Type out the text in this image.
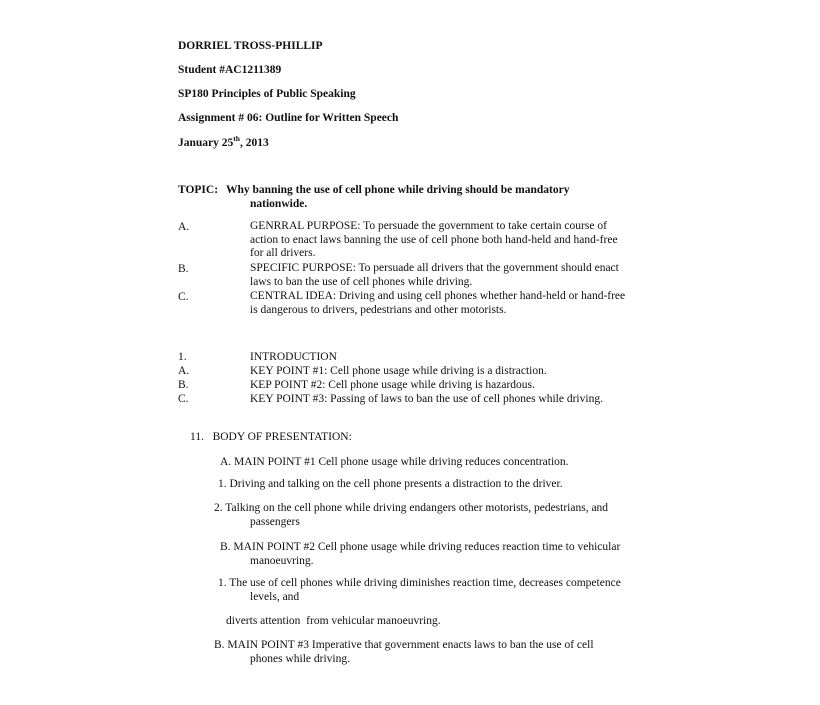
DORRIEL TROSS-PHILLIP
Student #AC1211389
SP180 Principles of Public Speaking
Assignment # 06: Outline for Written Speech
January 25th, 2013
TOPIC: Why banning the use of cell phone while driving should be mandatory
nationwide.
A.	GENRRAL PURPOSE: To persuade the government to take certain course of
action to enact laws banning the use of cell phone both hand-held and hand-free
for all drivers.
B.	SPECIFIC PURPOSE: To persuade all drivers that the government should enact
laws to ban the use of cell phones while driving.
C.	CENTRAL IDEA: Driving and using cell phones whether hand-held or hand-free
is dangerous to drivers, pedestrians and other motorists.
1.	INTRODUCTION
A.	KEY POINT #1: Cell phone usage while driving is a distraction.
B.	KEP POINT #2: Cell phone usage while driving is hazardous.
C.	KEY POINT #3: Passing of laws to ban the use of cell phones while driving.
11.   BODY OF PRESENTATION:
A. MAIN POINT #1 Cell phone usage while driving reduces concentration.
1. Driving and talking on the cell phone presents a distraction to the driver.
2. Talking on the cell phone while driving endangers other motorists, pedestrians, and
passengers
B. MAIN POINT #2 Cell phone usage while driving reduces reaction time to vehicular
manoeuvring.
1. The use of cell phones while driving diminishes reaction time, decreases competence
levels, and
diverts attention  from vehicular manoeuvring.
B. MAIN POINT #3 Imperative that government enacts laws to ban the use of cell
phones while driving.
